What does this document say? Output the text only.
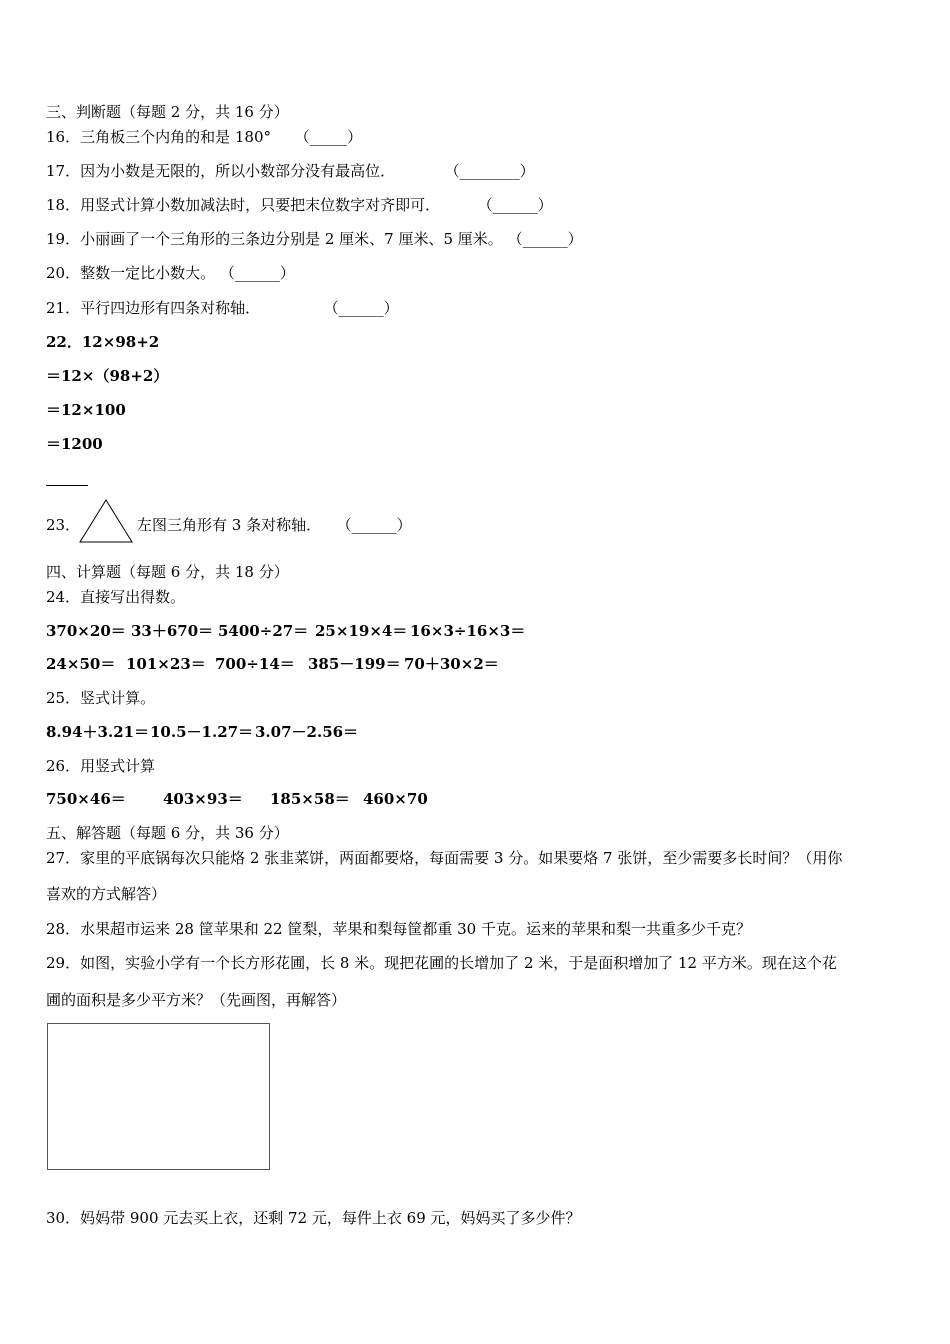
三、判断题（每题 2 分，共 16 分）
16．三角板三个内角的和是 180° （_____）
17．因为小数是无限的，所以小数部分没有最高位．	（________）
18．用竖式计算小数加减法时，只要把末位数字对齐即可．	（______）
19．小丽画了一个三角形的三条边分别是 2 厘米、7 厘米、5 厘米。 （______）
20．整数一定比小数大。 （______）
21．平行四边形有四条对称轴．	（______）
22．12×98+2
＝12×（98+2）
＝12×100
＝1200
23．	左图三角形有 3 条对称轴． （______）
四、计算题（每题 6 分，共 18 分）
24．直接写出得数。
370×20＝ 33＋670＝ 5400÷27＝ 25×19×4＝ 16×3÷16×3＝
24×50＝ 101×23＝ 700÷14＝ 385－199＝ 70＋30×2＝
25．竖式计算。
8.94＋3.21＝ 10.5－1.27＝ 3.07－2.56＝
26．用竖式计算
750×46＝ 403×93＝ 185×58＝ 460×70
五、解答题（每题 6 分，共 36 分）
27．家里的平底锅每次只能烙 2 张韭菜饼，两面都要烙，每面需要 3 分。如果要烙 7 张饼，至少需要多长时间？（用你
喜欢的方式解答）
28．水果超市运来 28 筐苹果和 22 筐梨，苹果和梨每筐都重 30 千克。运来的苹果和梨一共重多少千克？
29．如图，实验小学有一个长方形花圃，长 8 米。现把花圃的长增加了 2 米，于是面积增加了 12 平方米。现在这个花
圃的面积是多少平方米？（先画图，再解答）
30．妈妈带 900 元去买上衣，还剩 72 元，每件上衣 69 元，妈妈买了多少件？
